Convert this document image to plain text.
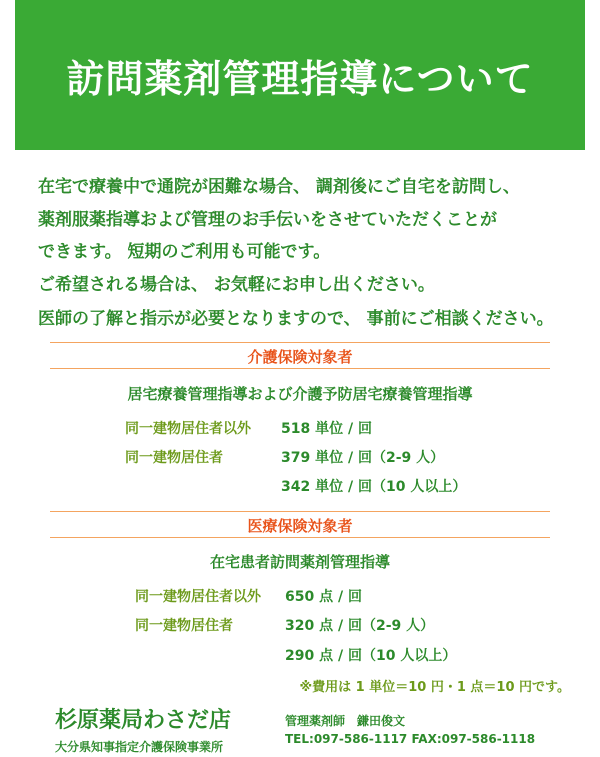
訪問薬剤管理指導について
在宅で療養中で通院が困難な場合、 調剤後にご自宅を訪問し、
薬剤服薬指導および管理のお手伝いをさせていただくことが
できます。 短期のご利用も可能です。
ご希望される場合は、 お気軽にお申し出ください。
医師の了解と指示が必要となりますので、 事前にご相談ください。
介護保険対象者
居宅療養管理指導および介護予防居宅療養管理指導
同一建物居住者以外 518 単位 / 回
同一建物居住者	379 単位 / 回（2-9 人）
342 単位 / 回（10 人以上）
医療保険対象者
在宅患者訪問薬剤管理指導
同一建物居住者以外 650 点 / 回
同一建物居住者	320 点 / 回（2-9 人）
290 点 / 回（10 人以上）
※費用は 1 単位＝10 円・1 点＝10 円です。
杉原薬局わさだ店
大分県知事指定介護保険事業所
管理薬剤師　鎌田俊文
TEL:097-586-1117 FAX:097-586-1118
